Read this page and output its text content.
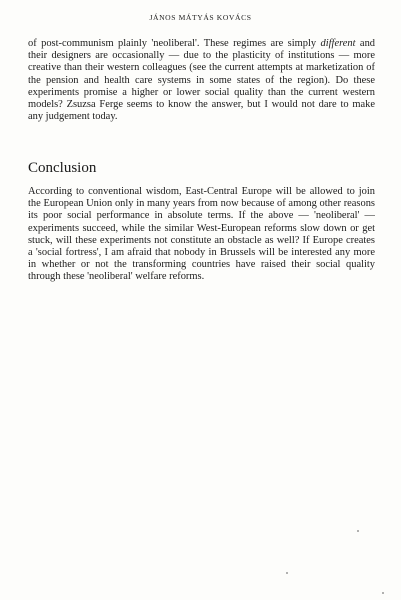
JÁNOS MÁTYÁS KOVÁCS

of post-communism plainly 'neoliberal'. These regimes are simply different and their designers are occasionally — due to the plasticity of institutions — more creative than their western colleagues (see the current attempts at marketization of the pension and health care systems in some states of the region). Do these experiments promise a higher or lower social quality than the current western models? Zsuzsa Ferge seems to know the answer, but I would not dare to make any judgement today.

Conclusion

According to conventional wisdom, East-Central Europe will be allowed to join the European Union only in many years from now because of among other reasons its poor social performance in absolute terms. If the above — 'neoliberal' — experiments succeed, while the similar West-European reforms slow down or get stuck, will these experiments not constitute an obstacle as well? If Europe creates a 'social fortress', I am afraid that nobody in Brussels will be interested any more in whether or not the transforming countries have raised their social quality through these 'neoliberal' welfare reforms.
